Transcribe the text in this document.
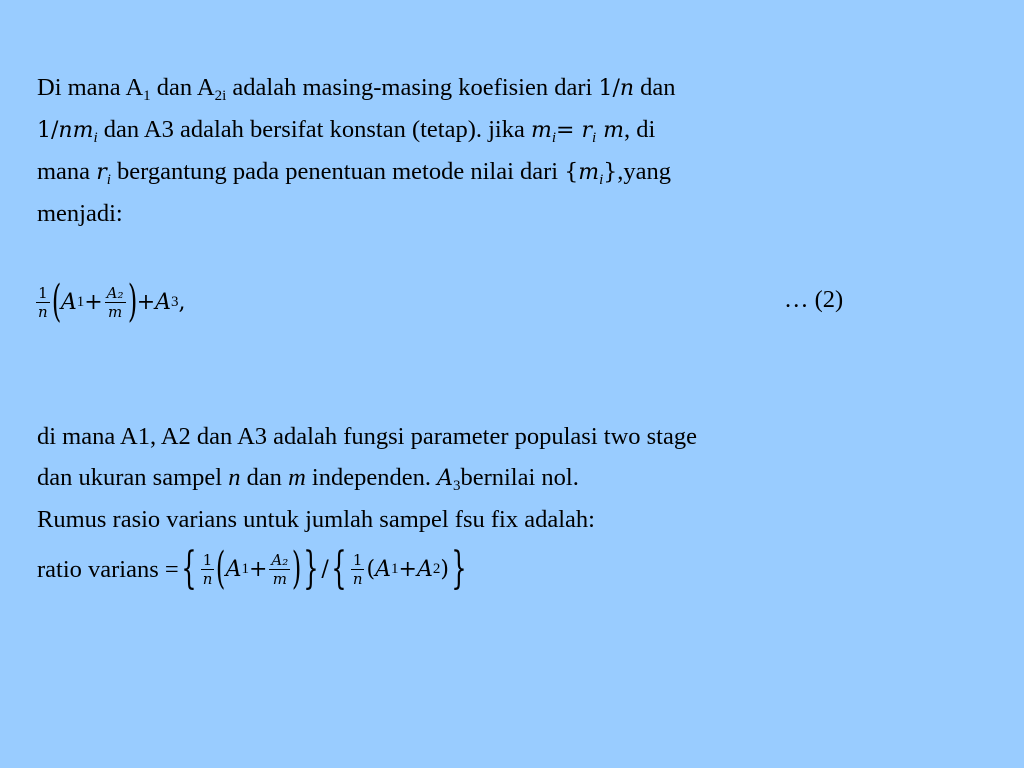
Di mana $A_1$ dan $A_{2i}$ adalah masing-masing koefisien dari 1/n dan
$1/nm_i$ dan A3 adalah bersifat konstan (tetap). jika $m_i= r_i$ m, di
mana $r_i$ bergantung pada penentuan metode nilai dari $\{m_i\},yang$
menjadi:
$\frac{1}{n}$ ( A $1 + \frac{\text{A₂}}{m}$ ) + A 3 ,	… (2)
di mana A1, A2 dan A3 adalah fungsi parameter populasi two stage
dan ukuran sampel n dan m independen. $A_3bernilai$ nol.
Rumus rasio varians untuk jumlah sampel fsu fix adalah:
ratio varians = { $\frac{1}{n}$ ( A $1 + \frac{\text{A₂}}{m}$ ) } / { $\frac{1}{n}$ ( A 1 + A 2 ) }
